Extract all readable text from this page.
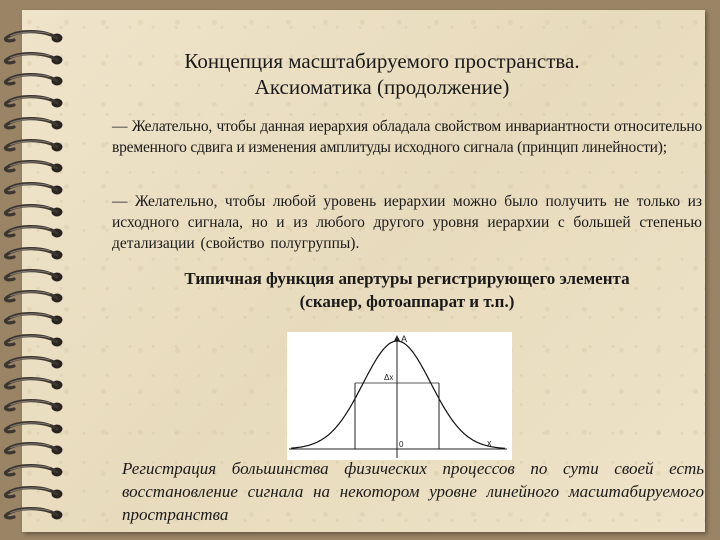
Концепция масштабируемого пространства.
Аксиоматика (продолжение)
— Желательно, чтобы данная иерархия обладала свойством инвариантности относительно временного сдвига и изменения амплитуды исходного сигнала (принцип линейности);
— Желательно, чтобы любой уровень иерархии можно было получить не только из исходного сигнала, но и из любого другого уровня иерархии с большей степенью детализации (свойство полугруппы).
Типичная функция апертуры регистрирующего элемента
(сканер, фотоаппарат и т.п.)
A
Δx
0	x
Регистрация большинства физических процессов по сути своей есть восстановление сигнала на некотором уровне линейного масштабируемого пространства
